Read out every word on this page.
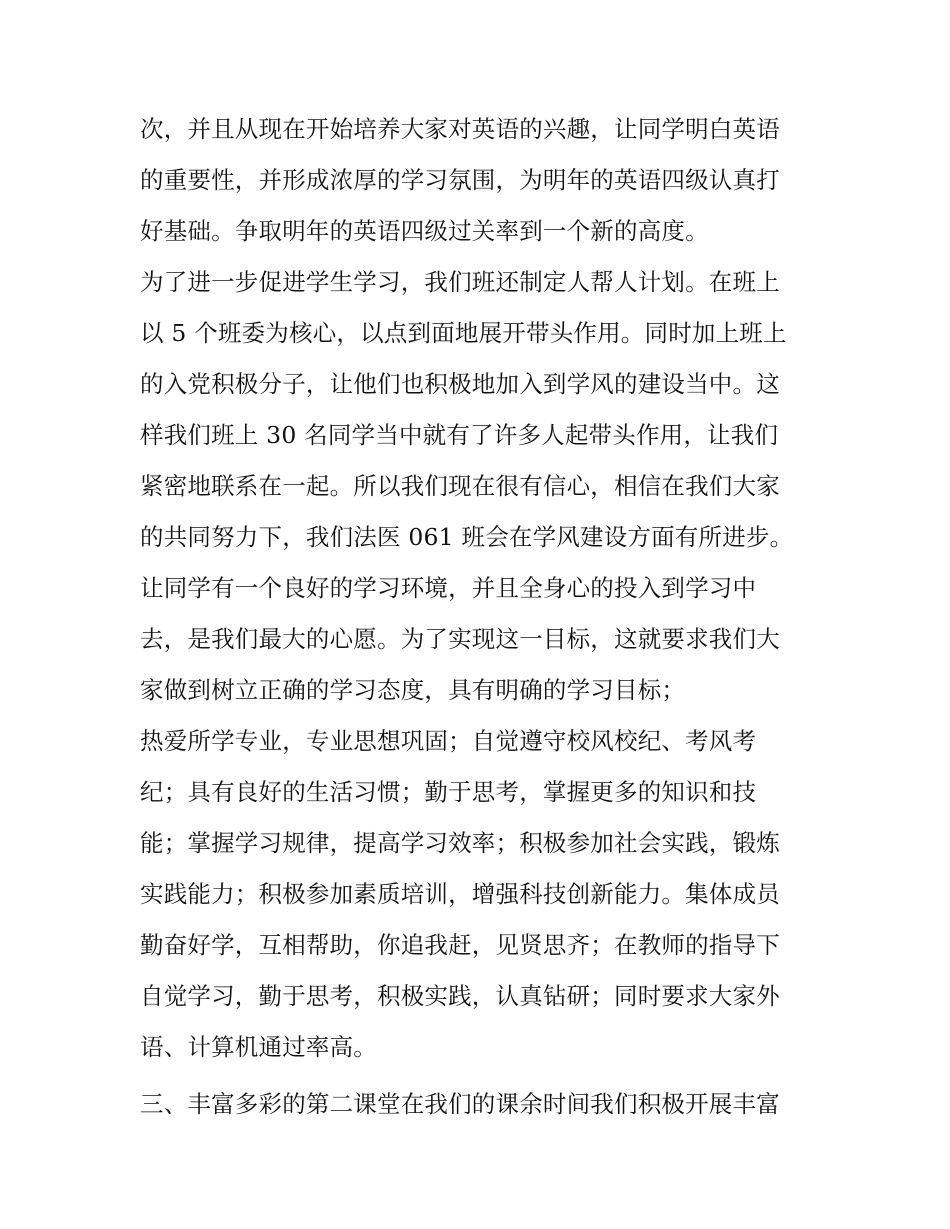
次，并且从现在开始培养大家对英语的兴趣，让同学明白英语
的重要性，并形成浓厚的学习氛围，为明年的英语四级认真打
好基础。争取明年的英语四级过关率到一个新的高度。
为了进一步促进学生学习，我们班还制定人帮人计划。在班上
以 5 个班委为核心，以点到面地展开带头作用。同时加上班上
的入党积极分子，让他们也积极地加入到学风的建设当中。这
样我们班上 30 名同学当中就有了许多人起带头作用，让我们
紧密地联系在一起。所以我们现在很有信心，相信在我们大家
的共同努力下，我们法医 061 班会在学风建设方面有所进步。
让同学有一个良好的学习环境，并且全身心的投入到学习中
去，是我们最大的心愿。为了实现这一目标，这就要求我们大
家做到树立正确的学习态度，具有明确的学习目标；
热爱所学专业，专业思想巩固；自觉遵守校风校纪、考风考
纪；具有良好的生活习惯；勤于思考，掌握更多的知识和技
能；掌握学习规律，提高学习效率；积极参加社会实践，锻炼
实践能力；积极参加素质培训，增强科技创新能力。集体成员
勤奋好学，互相帮助，你追我赶，见贤思齐；在教师的指导下
自觉学习，勤于思考，积极实践，认真钻研；同时要求大家外
语、计算机通过率高。
三、丰富多彩的第二课堂在我们的课余时间我们积极开展丰富
